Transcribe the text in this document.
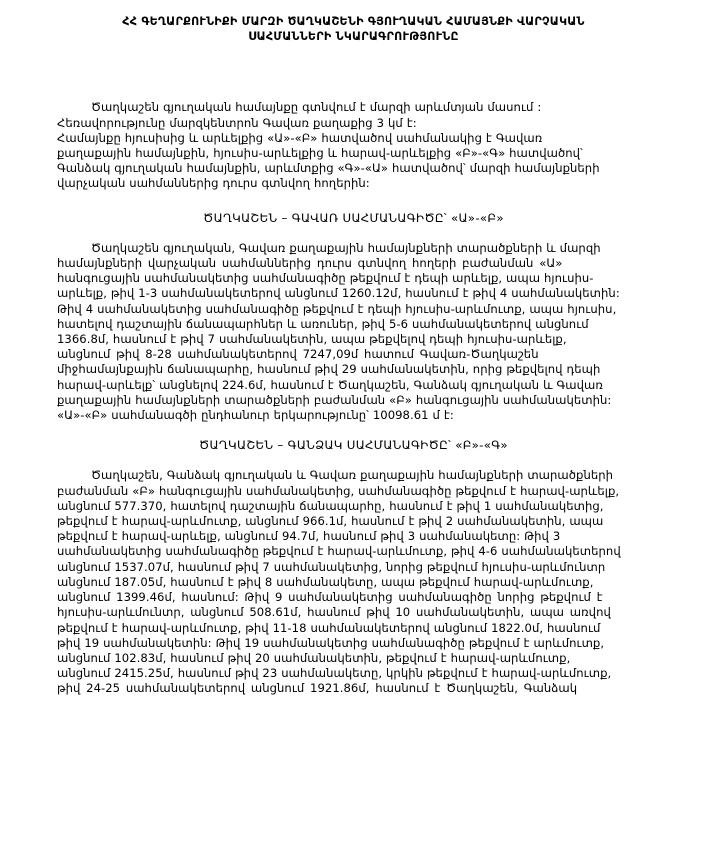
ՀՀ ԳԵՂԱՐՔՈՒՆԻՔԻ ՄԱՐԶԻ ԾԱՂԿԱՇԵՆԻ ԳՅՈՒՂԱԿԱՆ ՀԱՄԱՅՆՔԻ ՎԱՐՉԱԿԱՆ
ՍԱՀՄԱՆՆԵՐԻ ՆԿԱՐԱԳՐՈՒԹՅՈՒՆԸ
Ծաղկաշեն գյուղական համայնքը գտնվում է մարզի արևմտյան մասում :
Հեռավորությունը մարզկենտրոն Գավառ քաղաքից 3 կմ է:
Համայնքը հյուսիսից և արևելքից «Ա»-«Բ» հատվածով սահմանակից է Գավառ
քաղաքային համայնքին, հյուսիս-արևելքից և հարավ-արևելքից «Բ»-«Գ» հատվածով՝
Գանձակ գյուղական համայնքին, արևմտքից «Գ»-«Ա» հատվածով՝ մարզի համայնքների
վարչական սահմաններից դուրս գտնվող հողերին:
ԾԱՂԿԱՇԵՆ – ԳԱՎԱՌ ՍԱՀՄԱՆԱԳԻԾԸ՝ «Ա»-«Բ»
Ծաղկաշեն գյուղական, Գավառ քաղաքային համայնքների տարածքների և մարզի
համայնքների վարչական սահմաններից դուրս գտնվող հողերի բաժանման «Ա»
հանգուցային սահմանակետից սահմանագիծը թեքվում է դեպի արևելք, ապա հյուսիս-
արևելք, թիվ 1-3 սահմանակետերով անցնում 1260.12մ, հասնում է թիվ 4 սահմանակետին:
Թիվ 4 սահմանակետից սահմանագիծը թեքվում է դեպի հյուսիս-արևմուտք, ապա հյուսիս,
հատելով դաշտային ճանապարհներ և առուներ, թիվ 5-6 սահմանակետերով անցնում
1366.8մ, հասնում է թիվ 7 սահմանակետին, ապա թեքվելով դեպի հյուսիս-արևելք,
անցնում թիվ 8-28 սահմանակետերով 7247,09մ հատում Գավառ-Ծաղկաշեն
միջհամայնքային ճանապարհը, հասնում թիվ 29 սահմանակետին, որից թեքվելով դեպի
հարավ-արևելք՝ անցնելով 224.6մ, հասնում է Ծաղկաշեն, Գանձակ գյուղական և Գավառ
քաղաքային համայնքների տարածքների բաժանման «Բ» հանգուցային սահմանակետին:
«Ա»-«Բ» սահմանագծի ընդհանուր երկարությունը՝ 10098.61 մ է:
ԾԱՂԿԱՇԵՆ – ԳԱՆՁԱԿ ՍԱՀՄԱՆԱԳԻԾԸ՝ «Բ»-«Գ»
Ծաղկաշեն, Գանձակ գյուղական և Գավառ քաղաքային համայնքների տարածքների
բաժանման «Բ» հանգուցային սահմանակետից, սահմանագիծը թեքվում է հարավ-արևելք,
անցնում 577.370, հատելով դաշտային ճանապարհը, հասնում է թիվ 1 սահմանակետից,
թեքվում է հարավ-արևմուտք, անցնում 966.1մ, հասնում է թիվ 2 սահմանակետին, ապա
թեքվում է հարավ-արևելք, անցնում 94.7մ, հասնում թիվ 3 սահմանակետը: Թիվ 3
սահմանակետից սահմանագիծը թեքվում է հարավ-արևմուտք, թիվ 4-6 սահմանակետերով
անցնում 1537.07մ, հասնում թիվ 7 սահմանակետից, նորից թեքվում հյուսիս-արևմունտր
անցնում 187.05մ, հասնում է թիվ 8 սահմանակետը, ապա թեքվում հարավ-արևմուտք,
անցնում 1399.46մ, հասնում: Թիվ 9 սահմանակետից սահմանագիծը նորից թեքվում է
հյուսիս-արևմունտր, անցնում 508.61մ, հասնում թիվ 10 սահմանակետին, ապա առվով
թեքվում է հարավ-արևմուտք, թիվ 11-18 սահմանակետերով անցնում 1822.0մ, հասնում
թիվ 19 սահմանակետին: Թիվ 19 սահմանակետից սահմանագիծը թեքվում է արևմուտք,
անցնում 102.83մ, հասնում թիվ 20 սահմանակետին, թեքվում է հարավ-արևմուտք,
անցնում 2415.25մ, հասնում թիվ 23 սահմանակետը, կրկին թեքվում է հարավ-արևմուտք,
թիվ 24-25 սահմանակետերով անցնում 1921.86մ, հասնում է Ծաղկաշեն, Գանձակ
